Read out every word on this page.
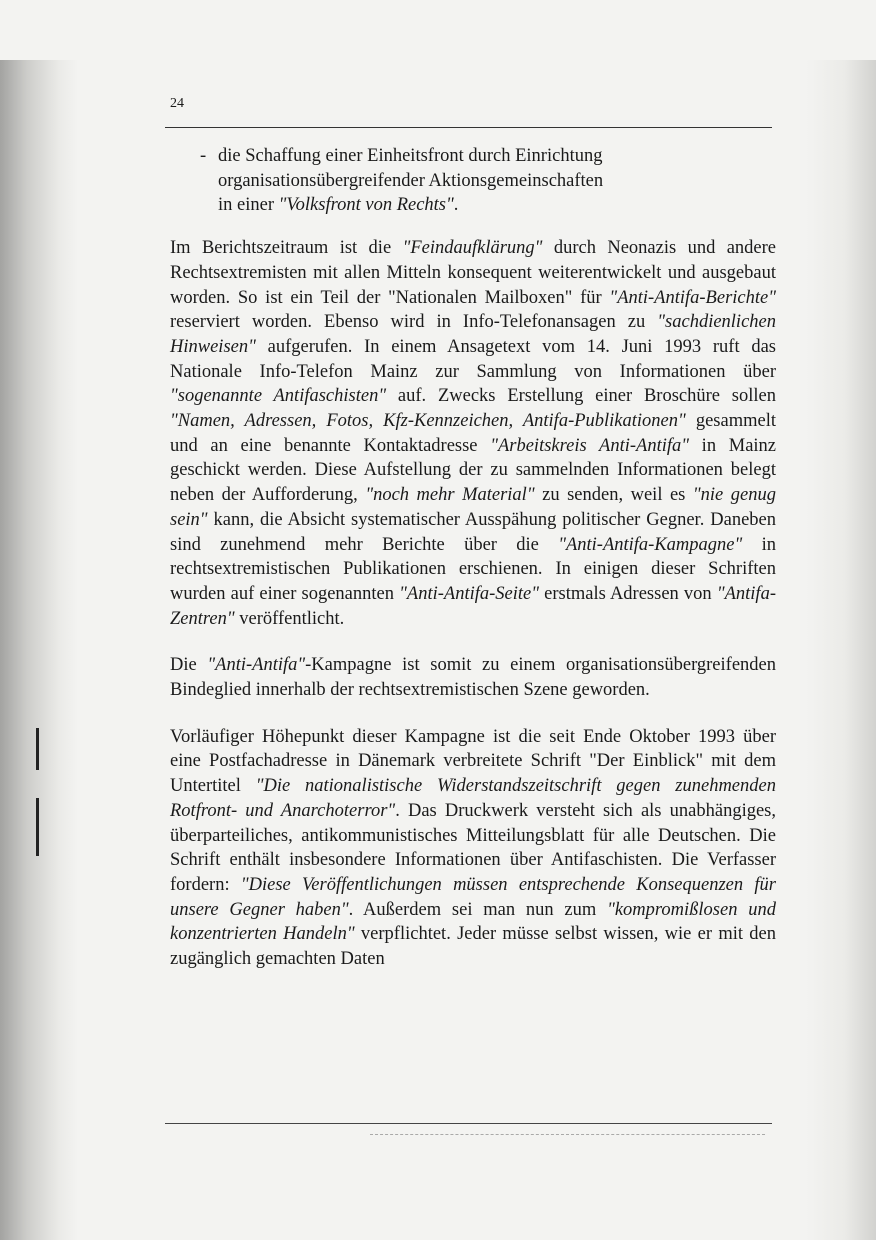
24
- die Schaffung einer Einheitsfront durch Einrichtung
organisationsübergreifender Aktionsgemeinschaften
in einer "Volksfront von Rechts".

Im Berichtszeitraum ist die "Feindaufklärung" durch Neonazis und andere Rechtsextremisten mit allen Mitteln konsequent weiterentwickelt und ausgebaut worden. So ist ein Teil der "Nationalen Mailboxen" für "Anti-Antifa-Berichte" reserviert worden. Ebenso wird in Info-Telefonansagen zu "sachdienlichen Hinweisen" aufgerufen. In einem Ansagetext vom 14. Juni 1993 ruft das Nationale Info-Telefon Mainz zur Sammlung von Informationen über "sogenannte Antifaschisten" auf. Zwecks Erstellung einer Broschüre sollen "Namen, Adressen, Fotos, Kfz-Kennzeichen, Antifa-Publikationen" gesammelt und an eine benannte Kontaktadresse "Arbeitskreis Anti-Antifa" in Mainz geschickt werden. Diese Aufstellung der zu sammelnden Informationen belegt neben der Aufforderung, "noch mehr Material" zu senden, weil es "nie genug sein" kann, die Absicht systematischer Ausspähung politischer Gegner. Daneben sind zunehmend mehr Berichte über die "Anti-Antifa-Kampagne" in rechtsextremistischen Publikationen erschienen. In einigen dieser Schriften wurden auf einer sogenannten "Anti-Antifa-Seite" erstmals Adressen von "Antifa-Zentren" veröffentlicht.

Die "Anti-Antifa"-Kampagne ist somit zu einem organisationsübergreifenden Bindeglied innerhalb der rechtsextremistischen Szene geworden.

Vorläufiger Höhepunkt dieser Kampagne ist die seit Ende Oktober 1993 über eine Postfachadresse in Dänemark verbreitete Schrift "Der Einblick" mit dem Untertitel "Die nationalistische Widerstandszeitschrift gegen zunehmenden Rotfront- und Anarchoterror". Das Druckwerk versteht sich als unabhängiges, überparteiliches, antikommunistisches Mitteilungsblatt für alle Deutschen. Die Schrift enthält insbesondere Informationen über Antifaschisten. Die Verfasser fordern: "Diese Veröffentlichungen müssen entsprechende Konsequenzen für unsere Gegner haben". Außerdem sei man nun zum "kompromißlosen und konzentrierten Handeln" verpflichtet. Jeder müsse selbst wissen, wie er mit den zugänglich gemachten Daten
